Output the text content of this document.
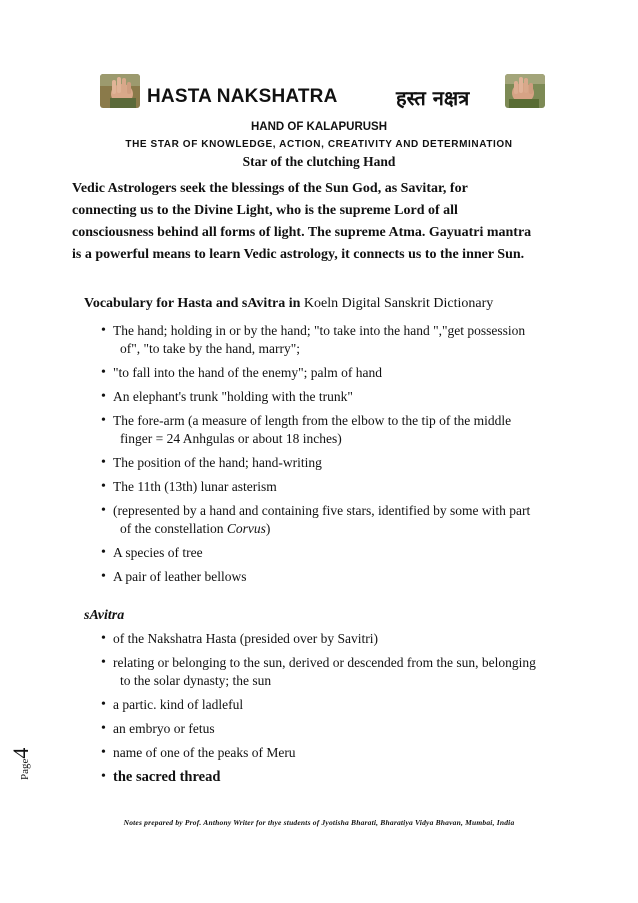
HASTA NAKSHATRA	हस्त नक्षत्र
HAND OF KALAPURUSH
THE STAR OF KNOWLEDGE, ACTION, CREATIVITY AND DETERMINATION
Star of the clutching Hand
Vedic Astrologers seek the blessings of the Sun God, as Savitar, for
connecting us to the Divine Light, who is the supreme Lord of all
consciousness behind all forms of light. The supreme Atma. Gayuatri mantra
is a powerful means to learn Vedic astrology, it connects us to the inner Sun.
Vocabulary for Hasta and sAvitra in Koeln Digital Sanskrit Dictionary
• The hand; holding in or by the hand; "to take into the hand ","get possession
of", "to take by the hand, marry";
• "to fall into the hand of the enemy"; palm of hand
• An elephant's trunk "holding with the trunk"
• The fore-arm (a measure of length from the elbow to the tip of the middle
finger = 24 Anhgulas or about 18 inches)
• The position of the hand; hand-writing
• The 11th (13th) lunar asterism
• (represented by a hand and containing five stars, identified by some with part
of the constellation Corvus)
• A species of tree
• A pair of leather bellows
sAvitra
• of the Nakshatra Hasta (presided over by Savitri)
• relating or belonging to the sun, derived or descended from the sun, belonging
to the solar dynasty; the sun
• a partic. kind of ladleful
• an embryo or fetus
• name of one of the peaks of Meru
• the sacred thread
Page4
Notes prepared by Prof. Anthony Writer for thye students of Jyotisha Bharati, Bharatiya Vidya Bhavan, Mumbai, India
